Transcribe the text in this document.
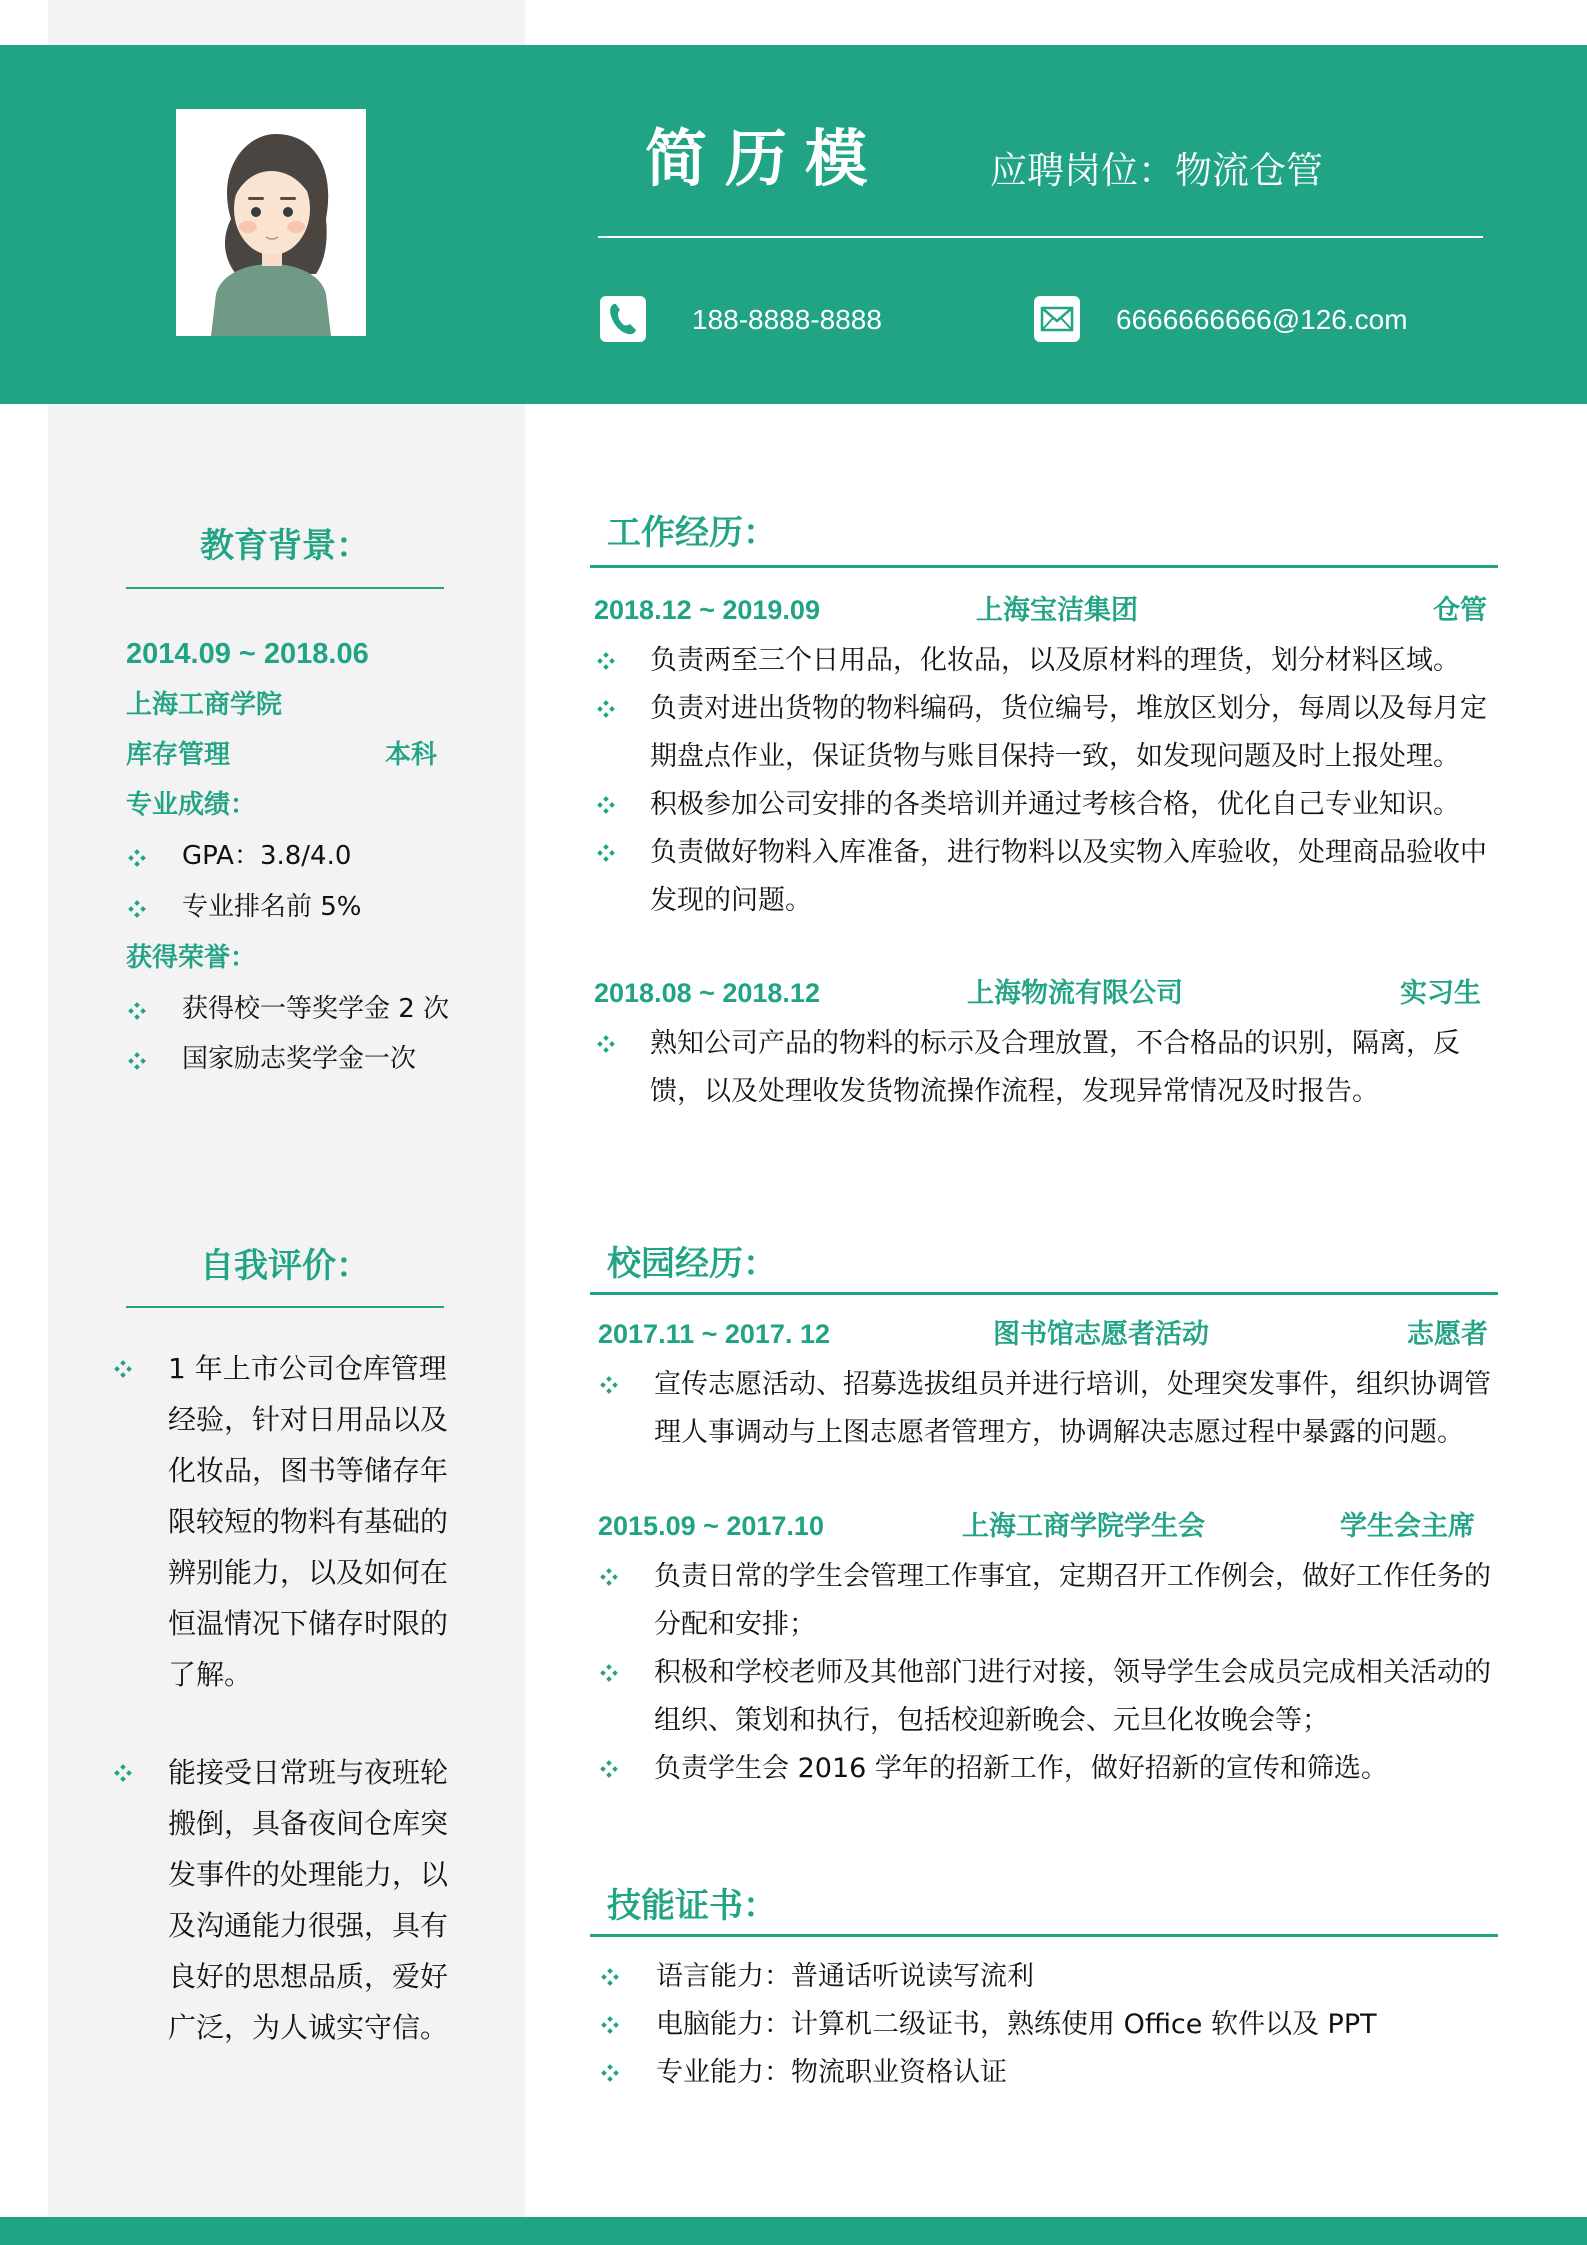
简历模	应聘岗位：物流仓管
188-8888-8888	6666666666@126.com
教育背景：
2014.09 ~ 2018.06
上海工商学院
库存管理	本科
专业成绩：
GPA：3.8/4.0
专业排名前 5%
获得荣誉：
获得校一等奖学金 2 次
国家励志奖学金一次
自我评价：
1 年上市公司仓库管理经验，针对日用品以及化妆品，图书等储存年限较短的物料有基础的辨别能力，以及如何在恒温情况下储存时限的了解。
能接受日常班与夜班轮搬倒，具备夜间仓库突发事件的处理能力，以及沟通能力很强，具有良好的思想品质，爱好广泛，为人诚实守信。
工作经历：
2018.12 ~ 2019.09	上海宝洁集团	仓管
负责两至三个日用品，化妆品，以及原材料的理货，划分材料区域。
负责对进出货物的物料编码，货位编号，堆放区划分，每周以及每月定期盘点作业，保证货物与账目保持一致，如发现问题及时上报处理。
积极参加公司安排的各类培训并通过考核合格，优化自己专业知识。
负责做好物料入库准备，进行物料以及实物入库验收，处理商品验收中发现的问题。
2018.08 ~ 2018.12	上海物流有限公司	实习生
熟知公司产品的物料的标示及合理放置，不合格品的识别，隔离，反馈，以及处理收发货物流操作流程，发现异常情况及时报告。
校园经历：
2017.11 ~ 2017. 12	图书馆志愿者活动	志愿者
宣传志愿活动、招募选拔组员并进行培训，处理突发事件，组织协调管理人事调动与上图志愿者管理方，协调解决志愿过程中暴露的问题。
2015.09 ~ 2017.10	上海工商学院学生会	学生会主席
负责日常的学生会管理工作事宜，定期召开工作例会，做好工作任务的分配和安排；
积极和学校老师及其他部门进行对接，领导学生会成员完成相关活动的组织、策划和执行，包括校迎新晚会、元旦化妆晚会等；
负责学生会 2016 学年的招新工作，做好招新的宣传和筛选。
技能证书：
语言能力：普通话听说读写流利
电脑能力：计算机二级证书，熟练使用 Office 软件以及 PPT
专业能力：物流职业资格认证
